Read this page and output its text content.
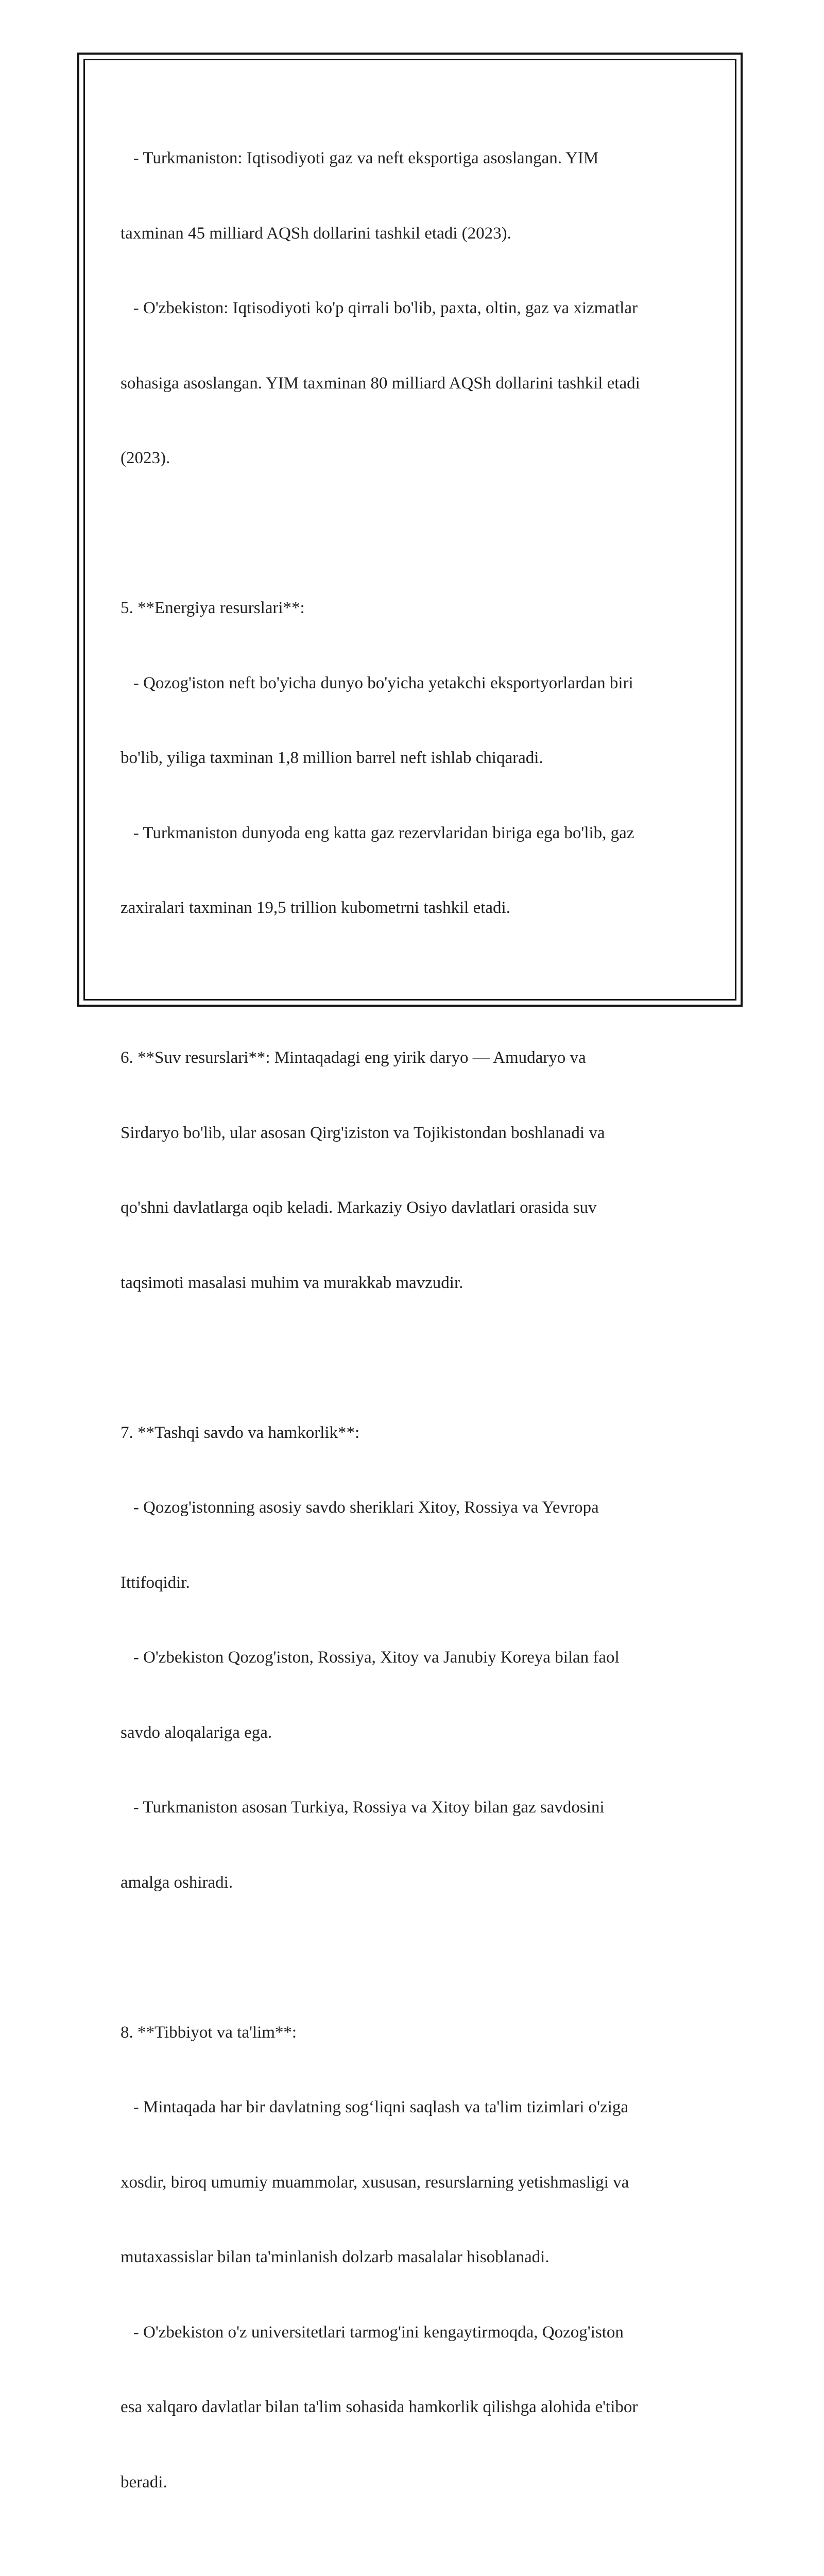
- Turkmaniston: Iqtisodiyoti gaz va neft eksportiga asoslangan. YIM

taxminan 45 milliard AQSh dollarini tashkil etadi (2023).

- O'zbekiston: Iqtisodiyoti ko'p qirrali bo'lib, paxta, oltin, gaz va xizmatlar

sohasiga asoslangan. YIM taxminan 80 milliard AQSh dollarini tashkil etadi

(2023).

5. **Energiya resurslari**:

- Qozog'iston neft bo'yicha dunyo bo'yicha yetakchi eksportyorlardan biri

bo'lib, yiliga taxminan 1,8 million barrel neft ishlab chiqaradi.

- Turkmaniston dunyoda eng katta gaz rezervlaridan biriga ega bo'lib, gaz

zaxiralari taxminan 19,5 trillion kubometrni tashkil etadi.

6. **Suv resurslari**: Mintaqadagi eng yirik daryo — Amudaryo va

Sirdaryo bo'lib, ular asosan Qirg'iziston va Tojikistondan boshlanadi va

qo'shni davlatlarga oqib keladi. Markaziy Osiyo davlatlari orasida suv

taqsimoti masalasi muhim va murakkab mavzudir.

7. **Tashqi savdo va hamkorlik**:

- Qozog'istonning asosiy savdo sheriklari Xitoy, Rossiya va Yevropa

Ittifoqidir.

- O'zbekiston Qozog'iston, Rossiya, Xitoy va Janubiy Koreya bilan faol

savdo aloqalariga ega.

- Turkmaniston asosan Turkiya, Rossiya va Xitoy bilan gaz savdosini

amalga oshiradi.

8. **Tibbiyot va ta'lim**:

- Mintaqada har bir davlatning sog‘liqni saqlash va ta'lim tizimlari o'ziga

xosdir, biroq umumiy muammolar, xususan, resurslarning yetishmasligi va

mutaxassislar bilan ta'minlanish dolzarb masalalar hisoblanadi.

- O'zbekiston o'z universitetlari tarmog'ini kengaytirmoqda, Qozog'iston

esa xalqaro davlatlar bilan ta'lim sohasida hamkorlik qilishga alohida e'tibor

beradi.
